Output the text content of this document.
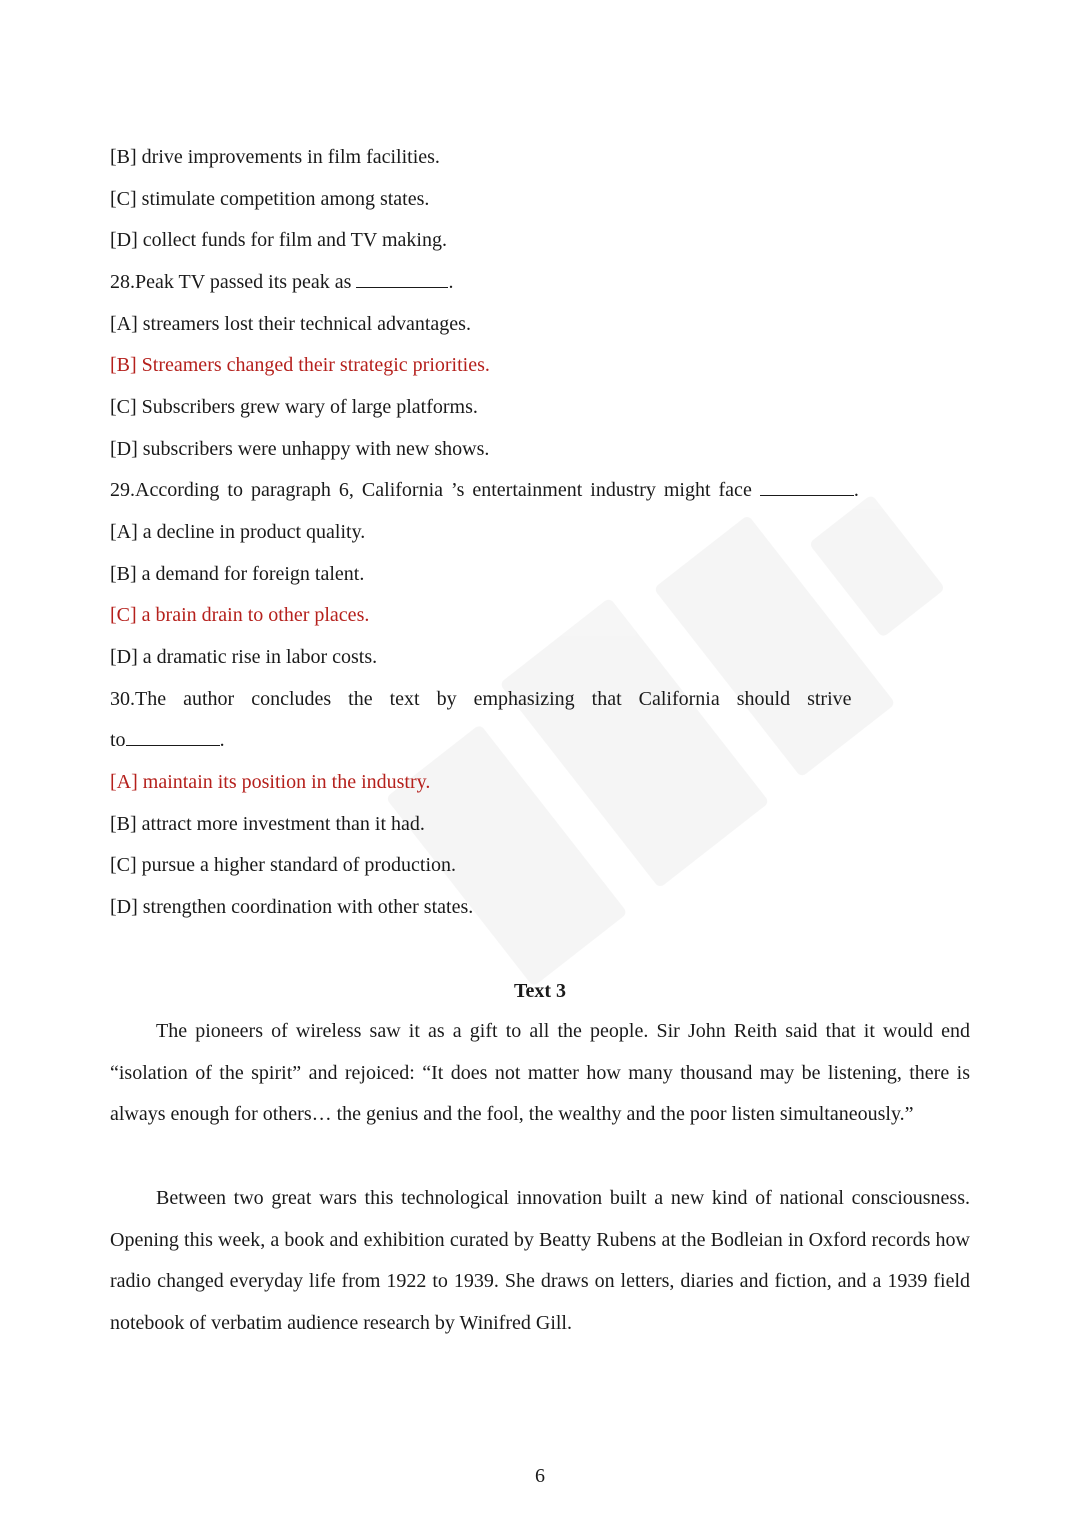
[B] drive improvements in film facilities.
[C] stimulate competition among states.
[D] collect funds for film and TV making.
28.Peak TV passed its peak as	.
[A] streamers lost their technical advantages.
[B] Streamers changed their strategic priorities.
[C] Subscribers grew wary of large platforms.
[D] subscribers were unhappy with new shows.
29.According to paragraph 6, California ’s entertainment industry might face	.
[A] a decline in product quality.
[B] a demand for foreign talent.
[C] a brain drain to other places.
[D] a dramatic rise in labor costs.
30.The author concludes the text by emphasizing that California should strive
to	.
[A] maintain its position in the industry.
[B] attract more investment than it had.
[C] pursue a higher standard of production.
[D] strengthen coordination with other states.
Text 3
The pioneers of wireless saw it as a gift to all the people. Sir John Reith said that it would end “isolation of the spirit” and rejoiced: “It does not matter how many thousand may be listening, there is always enough for others… the genius and the fool, the wealthy and the poor listen simultaneously.”
Between two great wars this technological innovation built a new kind of national consciousness. Opening this week, a book and exhibition curated by Beatty Rubens at the Bodleian in Oxford records how radio changed everyday life from 1922 to 1939. She draws on letters, diaries and fiction, and a 1939 field notebook of verbatim audience research by Winifred Gill.
6
